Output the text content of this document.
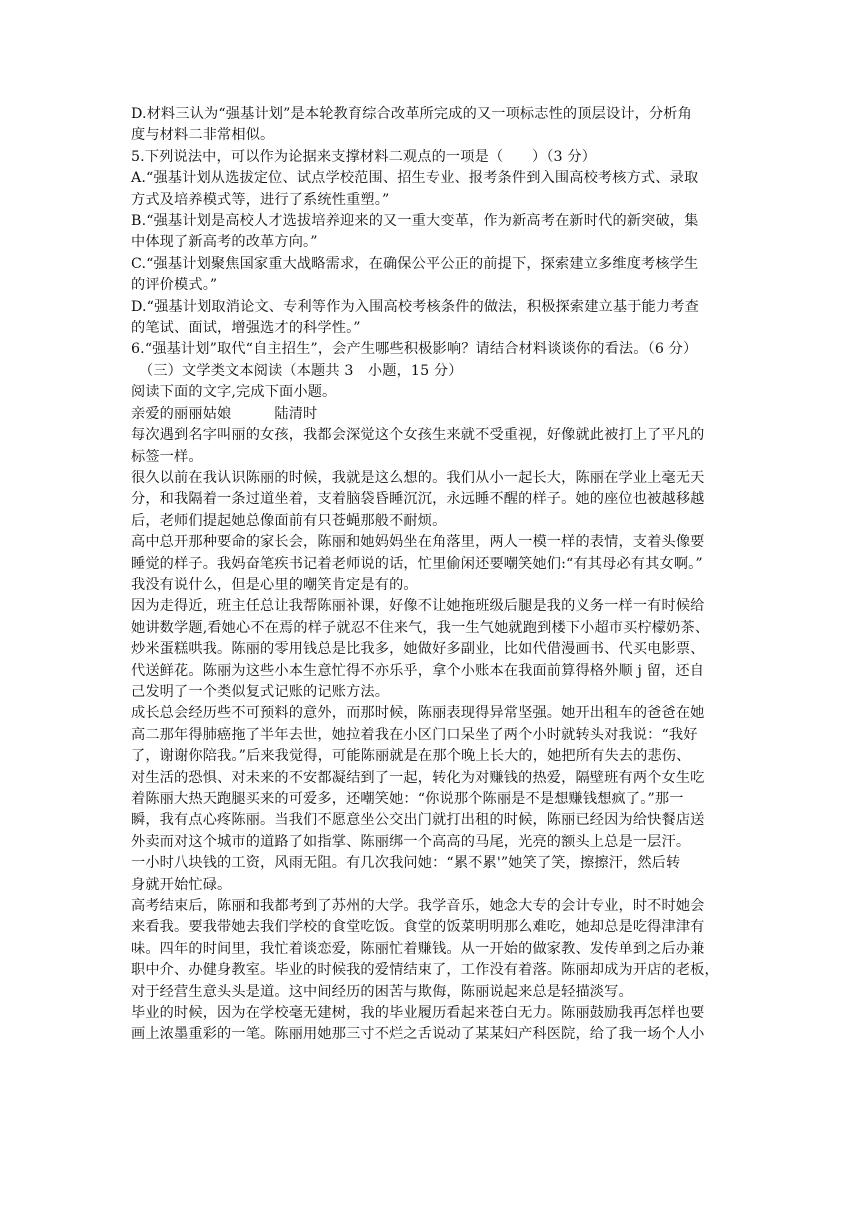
D.材料三认为“强基计划”是本轮教育综合改革所完成的又一项标志性的顶层设计，分析角
度与材料二非常相似。
5.下列说法中，可以作为论据来支撑材料二观点的一项是（　　）（3 分）
A.“强基计划从选拔定位、试点学校范围、招生专业、报考条件到入围高校考核方式、录取
方式及培养模式等，进行了系统性重塑。”
B.“强基计划是高校人才选拔培养迎来的又一重大变革，作为新高考在新时代的新突破，集
中体现了新高考的改革方向。”
C.“强基计划聚焦国家重大战略需求，在确保公平公正的前提下，探索建立多维度考核学生
的评价模式。”
D.“强基计划取消论文、专利等作为入围高校考核条件的做法，积极探索建立基于能力考查
的笔试、面试，增强选才的科学性。”
6.“强基计划”取代“自主招生”，会产生哪些积极影响？请结合材料谈谈你的看法。（6 分）
（三）文学类文本阅读（本题共 3　小题，15 分）
阅读下面的文字,完成下面小题。
亲爱的丽丽姑娘　　　陆清时
每次遇到名字叫丽的女孩，我都会深觉这个女孩生来就不受重视，好像就此被打上了平凡的
标签一样。
很久以前在我认识陈丽的时候，我就是这么想的。我们从小一起长大，陈丽在学业上毫无天
分，和我隔着一条过道坐着，支着脑袋昏睡沉沉，永远睡不醒的样子。她的座位也被越移越
后，老师们提起她总像面前有只苍蝇那般不耐烦。
高中总开那种要命的家长会，陈丽和她妈妈坐在角落里，两人一模一样的表情，支着头像要
睡觉的样子。我妈奋笔疾书记着老师说的话，忙里偷闲还要嘲笑她们:“有其母必有其女啊。”
我没有说什么，但是心里的嘲笑肯定是有的。
因为走得近，班主任总让我帮陈丽补课，好像不让她拖班级后腿是我的义务一样一有时候给
她讲数学题,看她心不在焉的样子就忍不住来气，我一生气她就跑到楼下小超市买柠檬奶茶、
炒米蛋糕哄我。陈丽的零用钱总是比我多，她做好多副业，比如代借漫画书、代买电影票、
代送鲜花。陈丽为这些小本生意忙得不亦乐乎，拿个小账本在我面前算得格外顺 j 留，还自
己发明了一个类似复式记账的记账方法。
成长总会经历些不可预料的意外，而那时候，陈丽表现得异常坚强。她开出租车的爸爸在她
高二那年得肺癌拖了半年去世，她拉着我在小区门口呆坐了两个小时就转头对我说：“我好
了，谢谢你陪我。”后来我觉得，可能陈丽就是在那个晚上长大的，她把所有失去的悲伤、
对生活的恐惧、对未来的不安都凝结到了一起，转化为对赚钱的热爱，隔壁班有两个女生吃
着陈丽大热天跑腿买来的可爱多，还嘲笑她：“你说那个陈丽是不是想赚钱想疯了。”那一
瞬，我有点心疼陈丽。当我们不愿意坐公交出门就打出租的时候，陈丽已经因为给快餐店送
外卖而对这个城市的道路了如指掌、陈丽绑一个高高的马尾，光亮的额头上总是一层汗。
一小时八块钱的工资，风雨无阻。有几次我问她：“累不累'”她笑了笑，擦擦汗，然后转
身就开始忙碌。
高考结束后，陈丽和我都考到了苏州的大学。我学音乐，她念大专的会计专业，时不时她会
来看我。要我带她去我们学校的食堂吃饭。食堂的饭菜明明那么难吃，她却总是吃得津津有
味。四年的时间里，我忙着谈恋爱，陈丽忙着赚钱。从一开始的做家教、发传单到之后办兼
职中介、办健身教室。毕业的时候我的爱情结束了，工作没有着落。陈丽却成为开店的老板，
对于经营生意头头是道。这中间经历的困苦与欺侮，陈丽说起来总是轻描淡写。
毕业的时候，因为在学校毫无建树，我的毕业履历看起来苍白无力。陈丽鼓励我再怎样也要
画上浓墨重彩的一笔。陈丽用她那三寸不烂之舌说动了某某妇产科医院，给了我一场个人小
